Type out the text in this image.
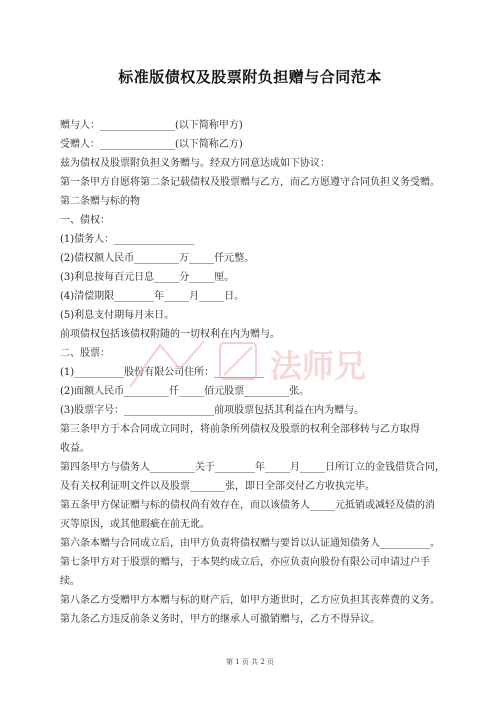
标准版债权及股票附负担赠与合同范本
赠与人：_______________(以下简称甲方)
受赠人：_______________(以下简称乙方)
兹为债权及股票附负担义务赠与。经双方同意达成如下协议：
第一条甲方自愿将第二条记载债权及股票赠与乙方，而乙方愿遵守合同负担义务受赠。
第二条赠与标的物
一、债权：
(1)债务人：________________
(2)债权额人民币_________万_____仟元整。
(3)利息按每百元日息_____分_____厘。
(4)清偿期限________年_____月_____日。
(5)利息支付期每月末日。
前项债权包括该债权附随的一切权利在内为赠与。
二、股票：
(1)__________股份有限公司住所：__________
(2)面额人民币_________仟_____佰元股票_________张。
(3)股票字号：__________________前项股票包括其利益在内为赠与。
第三条甲方于本合同成立同时，将前条所列债权及股票的权利全部移转与乙方取得
收益。
第四条甲方与债务人_________关于________年_____月_____日所订立的金钱借贷合同，
及有关权利证明文件以及股票_______张，即日全部交付乙方收执完毕。
第五条甲方保证赠与标的债权尚有效存在，而以该债务人_____元抵销或减轻及债的消
灭等原因，或其他瑕疵在前无讹。
第六条本赠与合同成立后，由甲方负责将债权赠与要旨以认证通知债务人__________。
第七条甲方对于股票的赠与，于本契约成立后，亦应负责向股份有限公司申请过户手
续。
第八条乙方受赠甲方本赠与标的财产后，如甲方逝世时，乙方应负担其丧葬费的义务。
第九条乙方违反前条义务时，甲方的继承人可撤销赠与，乙方不得异议。
第 1 页 共 2 页
法师兄
